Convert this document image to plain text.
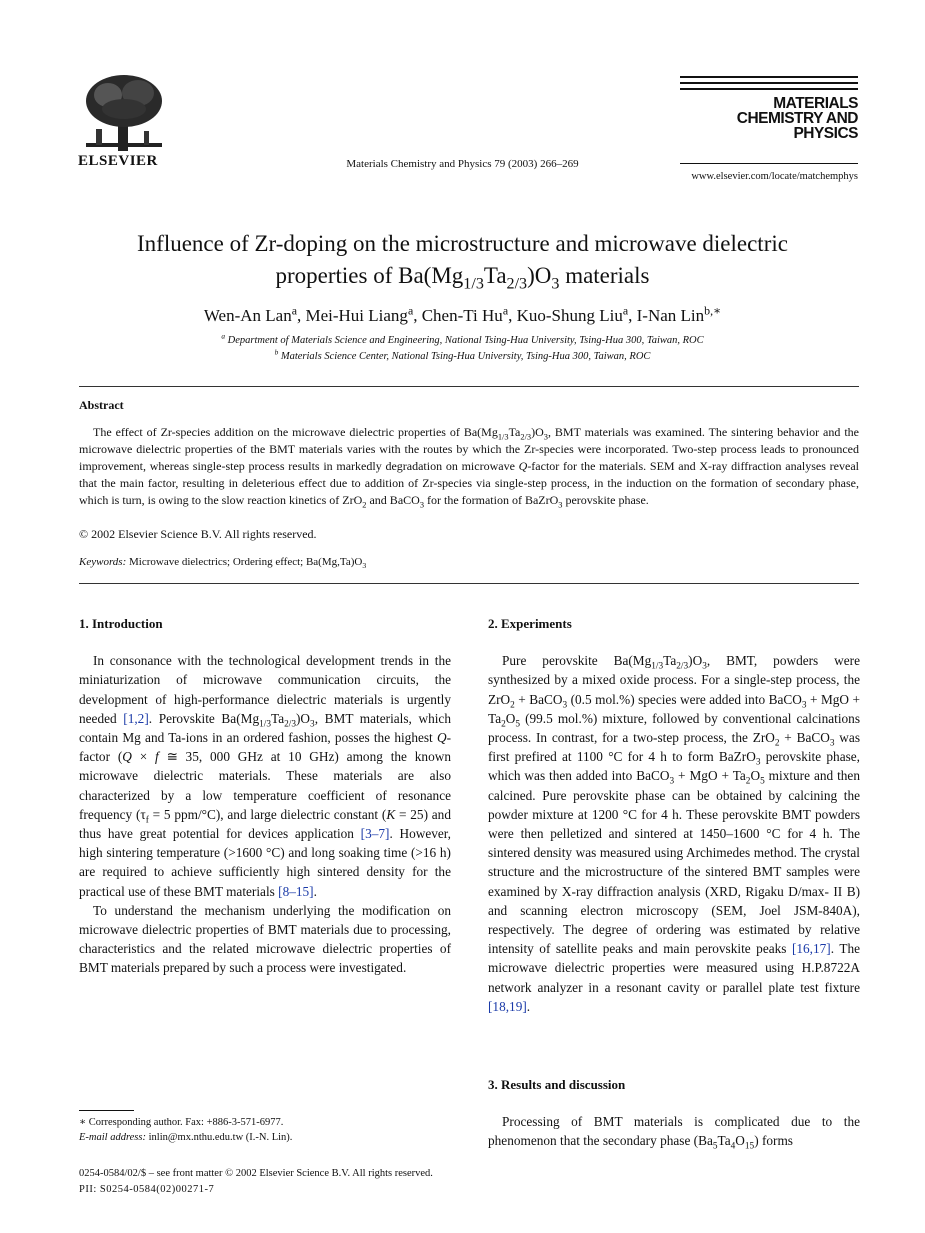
ELSEVIER	Materials Chemistry and Physics 79 (2003) 266–269
MATERIALS
CHEMISTRY AND
PHYSICS
www.elsevier.com/locate/matchemphys
Influence of Zr-doping on the microstructure and microwave dielectric
properties of $Ba(Mg_{1/3}Ta_{2/3})O_3$ materials
Wen-An Lan$^a$, Mei-Hui Liang$^a$, Chen-Ti Hu$^a$, Kuo-Shung Liu$^a$, I-Nan Lin$^{b,∗}$
$^a$ Department of Materials Science and Engineering, National Tsing-Hua University, Tsing-Hua 300, Taiwan, ROC
$^b$ Materials Science Center, National Tsing-Hua University, Tsing-Hua 300, Taiwan, ROC
Abstract

The effect of Zr-species addition on the microwave dielectric properties of $Ba(Mg_{1/3}Ta_{2/3})O_3$, BMT materials was examined. The sintering behavior and the microwave dielectric properties of the BMT materials varies with the routes by which the Zr-species were incorporated. Two-step process leads to pronounced improvement, whereas single-step process results in markedly degradation on microwave Q-factor for the materials. SEM and X-ray diffraction analyses reveal that the main factor, resulting in deleterious effect due to addition of Zr-species via single-step process, in the induction on the formation of secondary phase, which is turn, is owing to the slow reaction kinetics of ZrO$_2$ and BaCO$_3$ for the formation of BaZrO$_3$ perovskite phase.

© 2002 Elsevier Science B.V. All rights reserved.
Keywords: Microwave dielectrics; Ordering effect; $Ba(Mg,Ta)O_3$
1. Introduction

In consonance with the technological development trends in the miniaturization of microwave communication circuits, the development of high-performance dielectric materials is urgently needed [1,2]. Perovskite $Ba(Mg_{1/3}Ta_{2/3})O_3$, BMT materials, which contain Mg and Ta-ions in an ordered fashion, posses the highest Q-factor (Q × f ≅ 35, 000 GHz at 10 GHz) among the known microwave dielectric materials. These materials are also characterized by a low temperature coefficient of resonance frequency ($\tau_f = 5$ ppm/°C), and large dielectric constant (K = 25) and thus have great potential for devices application [3–7]. However, high sintering temperature (>1600 °C) and long soaking time (>16 h) are required to achieve sufficiently high sintered density for the practical use of these BMT materials [8–15].

To understand the mechanism underlying the modification on microwave dielectric properties of BMT materials due to processing, characteristics and the related microwave dielectric properties of BMT materials prepared by such a process were investigated.

2. Experiments

Pure perovskite $Ba(Mg_{1/3}Ta_{2/3})O_3$, BMT, powders were synthesized by a mixed oxide process. For a single-step process, the ZrO$_2$ + BaCO$_3$ (0.5 mol.%) species were added into BaCO$_3$ + MgO + $Ta_2O_5$ (99.5 mol.%) mixture, followed by conventional calcinations process. In contrast, for a two-step process, the ZrO$_2$ + BaCO$_3$ was first prefired at 1100 °C for 4 h to form BaZrO$_3$ perovskite phase, which was then added into BaCO$_3$ + MgO + $Ta_2O_5$ mixture and then calcined. Pure perovskite phase can be obtained by calcining the powder mixture at 1200 °C for 4 h. These perovskite BMT powders were then pelletized and sintered at 1450–1600 °C for 4 h. The sintered density was measured using Archimedes method. The crystal structure and the microstructure of the sintered BMT samples were examined by X-ray diffraction analysis (XRD, Rigaku D/max- II B) and scanning electron microscopy (SEM, Joel JSM-840A), respectively. The degree of ordering was estimated by relative intensity of satellite peaks and main perovskite peaks [16,17]. The microwave dielectric properties were measured using H.P.8722A network analyzer in a resonant cavity or parallel plate test fixture [18,19].

3. Results and discussion

Processing of BMT materials is complicated due to the phenomenon that the secondary phase $(Ba_5Ta_4O_{15})$ forms

∗ Corresponding author. Fax: +886-3-571-6977.
E-mail address: inlin@mx.nthu.edu.tw (I.-N. Lin).
0254-0584/02/$ – see front matter © 2002 Elsevier Science B.V. All rights reserved.
PII: S0254-0584(02)00271-7
